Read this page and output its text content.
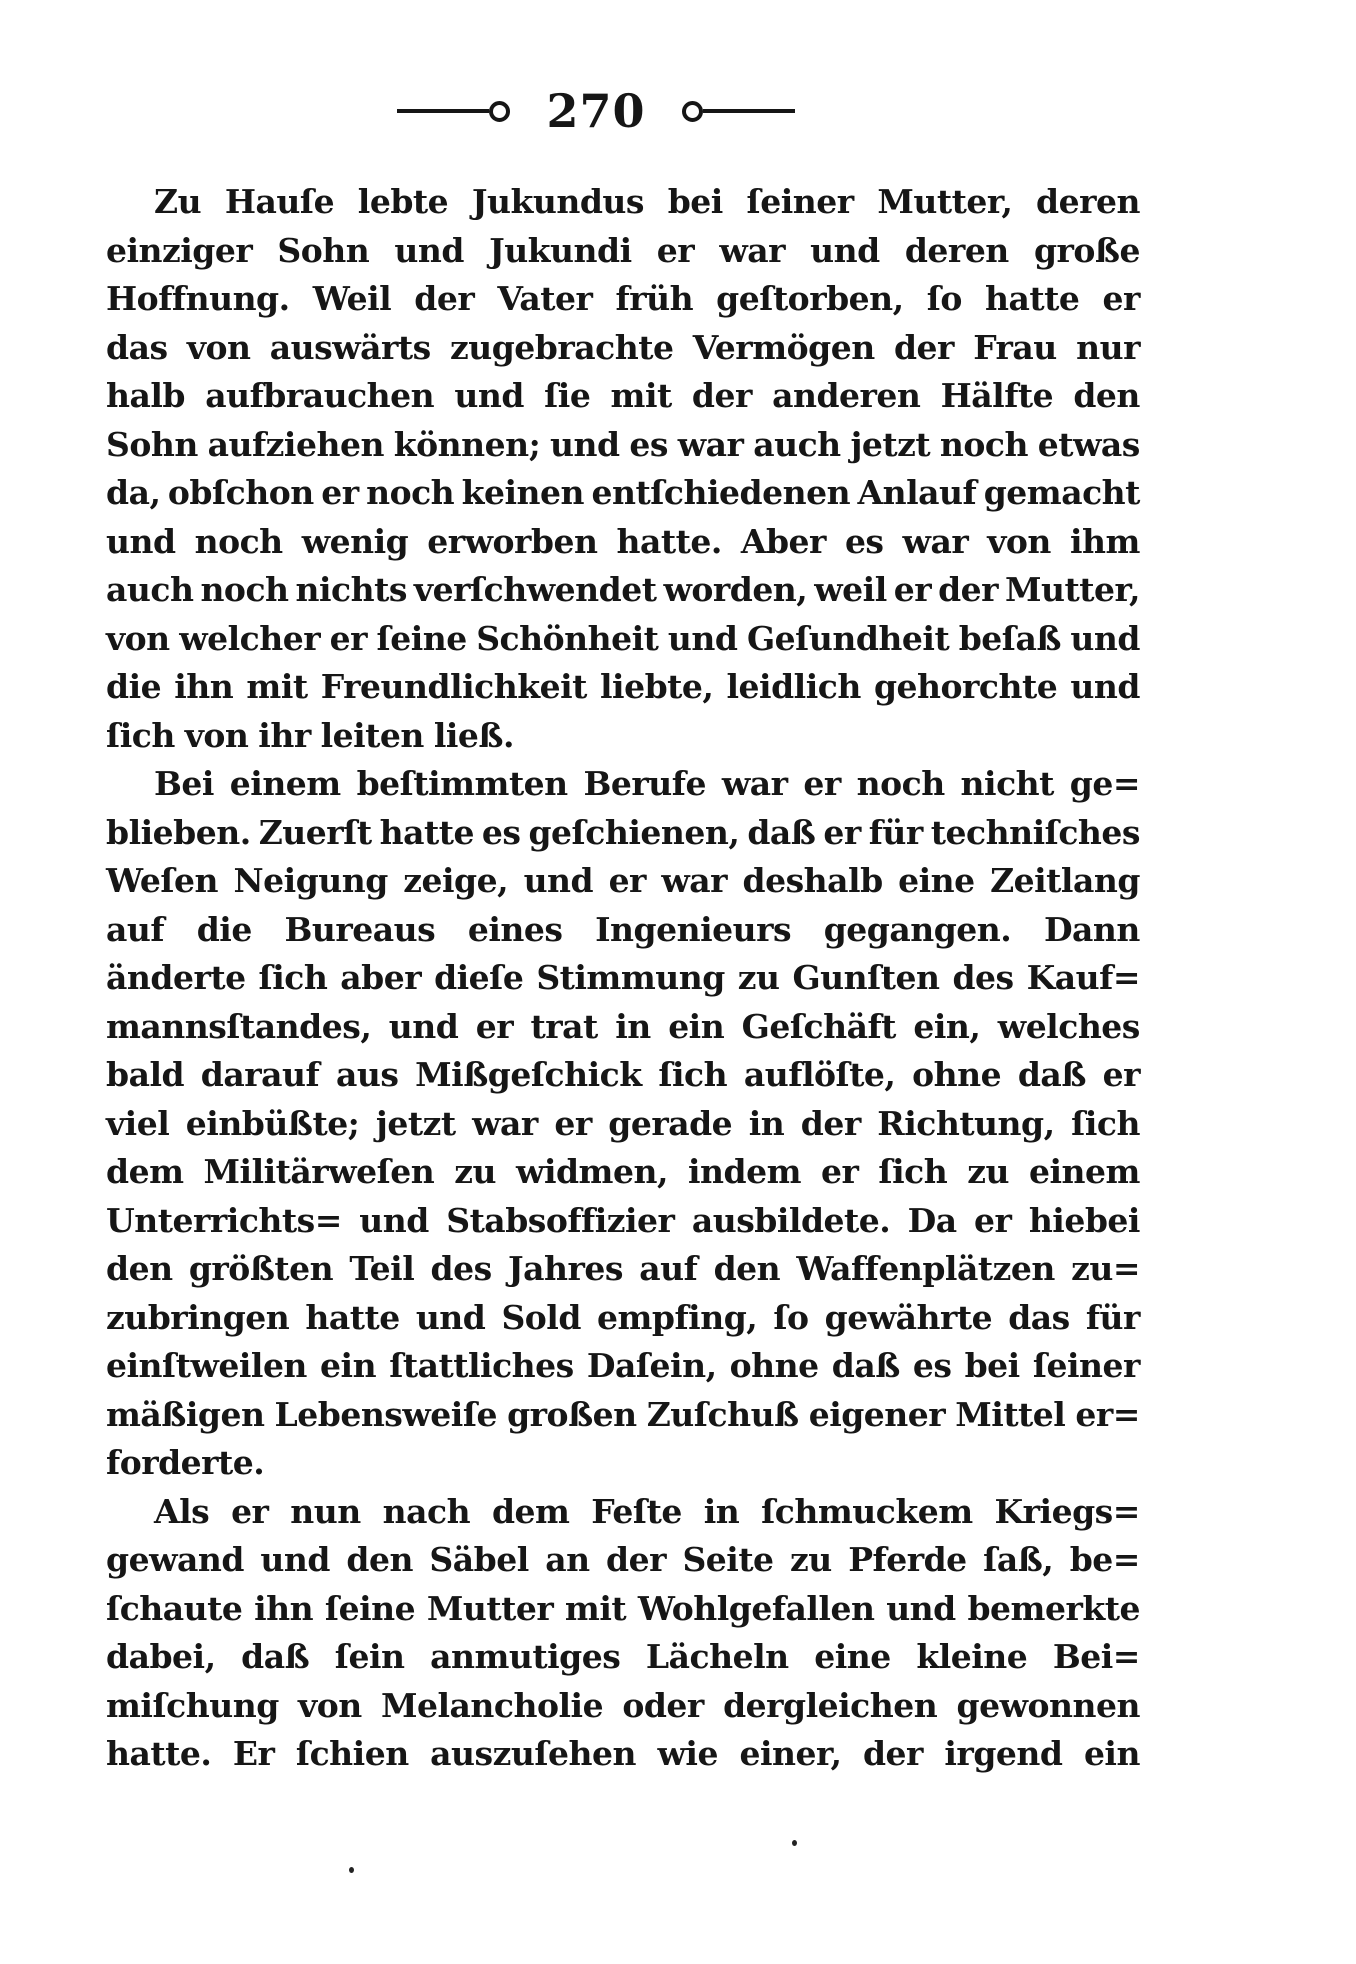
270
Zu Hauſe lebte Jukundus bei ſeiner Mutter, deren
einziger Sohn und Jukundi er war und deren große
Hoffnung. Weil der Vater früh geſtorben, ſo hatte er
das von auswärts zugebrachte Vermögen der Frau nur
halb aufbrauchen und ſie mit der anderen Hälfte den
Sohn aufziehen können; und es war auch jetzt noch etwas
da, obſchon er noch keinen entſchiedenen Anlauf gemacht
und noch wenig erworben hatte. Aber es war von ihm
auch noch nichts verſchwendet worden, weil er der Mutter,
von welcher er ſeine Schönheit und Geſundheit beſaß und
die ihn mit Freundlichkeit liebte, leidlich gehorchte und
ſich von ihr leiten ließ.
Bei einem beſtimmten Berufe war er noch nicht ge=
blieben. Zuerſt hatte es geſchienen, daß er für techniſches
Weſen Neigung zeige, und er war deshalb eine Zeitlang
auf die Bureaus eines Ingenieurs gegangen. Dann
änderte ſich aber dieſe Stimmung zu Gunſten des Kauf=
mannsſtandes, und er trat in ein Geſchäft ein, welches
bald darauf aus Mißgeſchick ſich auflöſte, ohne daß er
viel einbüßte; jetzt war er gerade in der Richtung, ſich
dem Militärweſen zu widmen, indem er ſich zu einem
Unterrichts= und Stabsoffizier ausbildete. Da er hiebei
den größten Teil des Jahres auf den Waffenplätzen zu=
zubringen hatte und Sold empfing, ſo gewährte das für
einſtweilen ein ſtattliches Daſein, ohne daß es bei ſeiner
mäßigen Lebensweiſe großen Zuſchuß eigener Mittel er=
forderte.
Als er nun nach dem Feſte in ſchmuckem Kriegs=
gewand und den Säbel an der Seite zu Pferde ſaß, be=
ſchaute ihn ſeine Mutter mit Wohlgefallen und bemerkte
dabei, daß ſein anmutiges Lächeln eine kleine Bei=
miſchung von Melancholie oder dergleichen gewonnen
hatte. Er ſchien auszuſehen wie einer, der irgend ein
